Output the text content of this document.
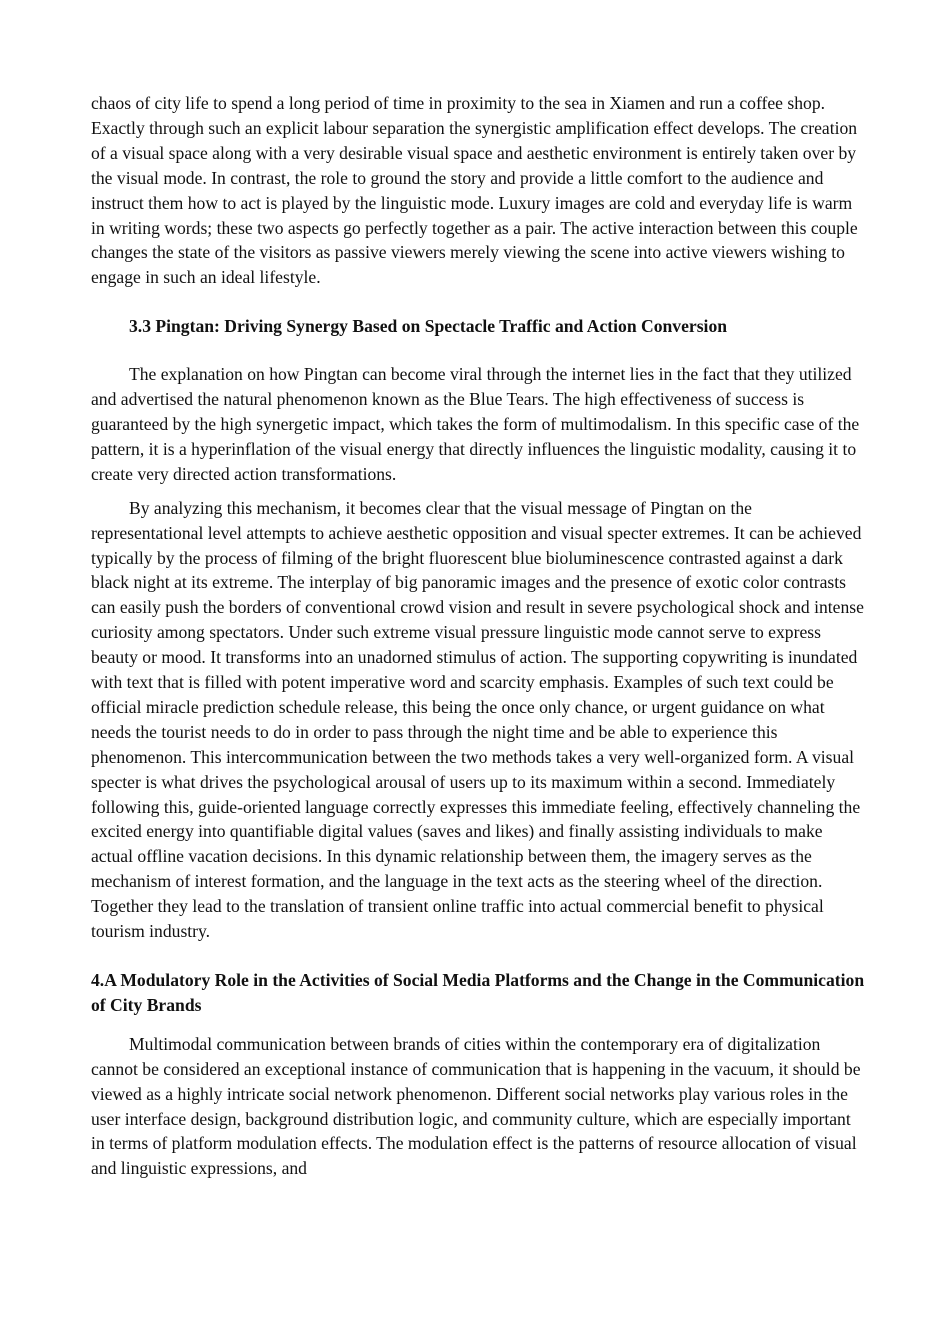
chaos of city life to spend a long period of time in proximity to the sea in Xiamen and run a coffee shop. Exactly through such an explicit labour separation the synergistic amplification effect develops. The creation of a visual space along with a very desirable visual space and aesthetic environment is entirely taken over by the visual mode. In contrast, the role to ground the story and provide a little comfort to the audience and instruct them how to act is played by the linguistic mode. Luxury images are cold and everyday life is warm in writing words; these two aspects go perfectly together as a pair. The active interaction between this couple changes the state of the visitors as passive viewers merely viewing the scene into active viewers wishing to engage in such an ideal lifestyle.

3.3 Pingtan: Driving Synergy Based on Spectacle Traffic and Action Conversion

The explanation on how Pingtan can become viral through the internet lies in the fact that they utilized and advertised the natural phenomenon known as the Blue Tears. The high effectiveness of success is guaranteed by the high synergetic impact, which takes the form of multimodalism. In this specific case of the pattern, it is a hyperinflation of the visual energy that directly influences the linguistic modality, causing it to create very directed action transformations.

By analyzing this mechanism, it becomes clear that the visual message of Pingtan on the representational level attempts to achieve aesthetic opposition and visual specter extremes. It can be achieved typically by the process of filming of the bright fluorescent blue bioluminescence contrasted against a dark black night at its extreme. The interplay of big panoramic images and the presence of exotic color contrasts can easily push the borders of conventional crowd vision and result in severe psychological shock and intense curiosity among spectators. Under such extreme visual pressure linguistic mode cannot serve to express beauty or mood. It transforms into an unadorned stimulus of action. The supporting copywriting is inundated with text that is filled with potent imperative word and scarcity emphasis. Examples of such text could be official miracle prediction schedule release, this being the once only chance, or urgent guidance on what needs the tourist needs to do in order to pass through the night time and be able to experience this phenomenon. This intercommunication between the two methods takes a very well-organized form. A visual specter is what drives the psychological arousal of users up to its maximum within a second. Immediately following this, guide-oriented language correctly expresses this immediate feeling, effectively channeling the excited energy into quantifiable digital values (saves and likes) and finally assisting individuals to make actual offline vacation decisions. In this dynamic relationship between them, the imagery serves as the mechanism of interest formation, and the language in the text acts as the steering wheel of the direction. Together they lead to the translation of transient online traffic into actual commercial benefit to physical tourism industry.

4.A Modulatory Role in the Activities of Social Media Platforms and the Change in the Communication of City Brands

Multimodal communication between brands of cities within the contemporary era of digitalization cannot be considered an exceptional instance of communication that is happening in the vacuum, it should be viewed as a highly intricate social network phenomenon. Different social networks play various roles in the user interface design, background distribution logic, and community culture, which are especially important in terms of platform modulation effects. The modulation effect is the patterns of resource allocation of visual and linguistic expressions, and
